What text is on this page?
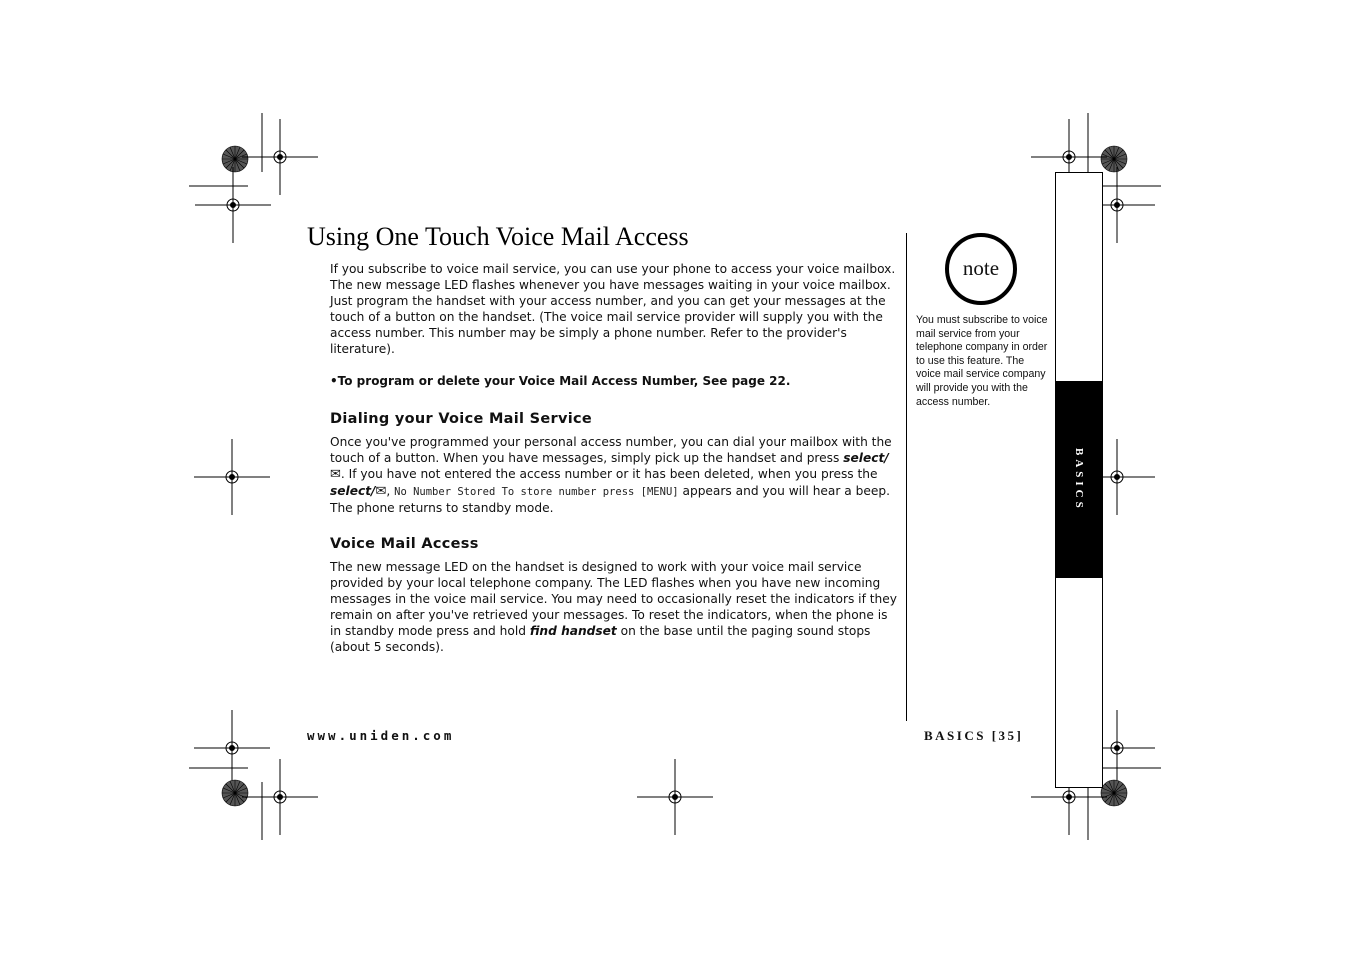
Using One Touch Voice Mail Access

If you subscribe to voice mail service, you can use your phone to access your voice mailbox. The new message LED flashes whenever you have messages waiting in your voice mailbox. Just program the handset with your access number, and you can get your messages at the touch of a button on the handset. (The voice mail service provider will supply you with the access number. This number may be simply a phone number. Refer to the provider's literature).

•To program or delete your Voice Mail Access Number, See page 22.

Dialing your Voice Mail Service

Once you've programmed your personal access number, you can dial your mailbox with the touch of a button. When you have messages, simply pick up the handset and press select/✉. If you have not entered the access number or it has been deleted, when you press the select/✉, No Number Stored To store number press [MENU] appears and you will hear a beep. The phone returns to standby mode.

Voice Mail Access

The new message LED on the handset is designed to work with your voice mail service provided by your local telephone company. The LED flashes when you have new incoming messages in the voice mail service. You may need to occasionally reset the indicators if they remain on after you've retrieved your messages. To reset the indicators, when the phone is in standby mode press and hold find handset on the base until the paging sound stops (about 5 seconds).

note

You must subscribe to voice mail service from your telephone company in order to use this feature. The voice mail service company will provide you with the access number.

BASICS

www.uniden.com	BASICS [35]
